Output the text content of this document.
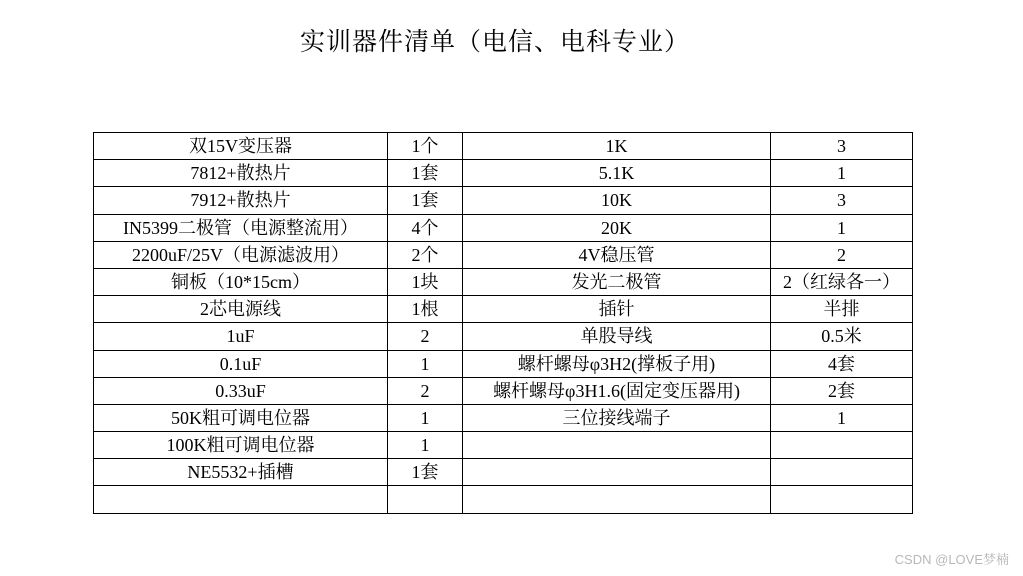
实训器件清单（电信、电科专业）
双15V变压器	1个	1K	3
7812+散热片	1套	5.1K	1
7912+散热片	1套	10K	3
IN5399二极管（电源整流用）	4个	20K	1
2200uF/25V（电源滤波用）	2个	4V稳压管	2
铜板（10*15cm）	1块	发光二极管	2（红绿各一）
2芯电源线	1根	插针	半排
1uF	2	单股导线	0.5米
0.1uF	1	螺杆螺母φ3H2(撑板子用)	4套
0.33uF	2	螺杆螺母φ3H1.6(固定变压器用)	2套
50K粗可调电位器	1	三位接线端子	1
100K粗可调电位器	1		
NE5532+插槽	1套		

CSDN @LOVE梦楠
